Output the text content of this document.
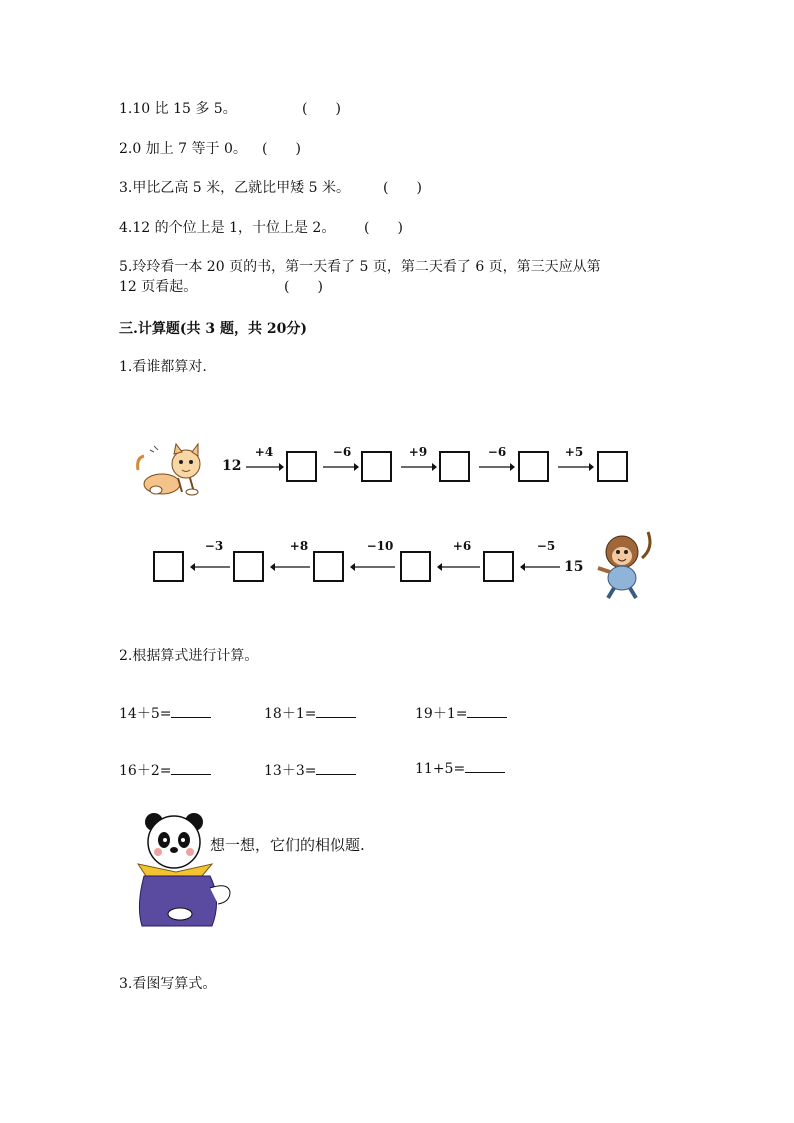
1.10 比 15 多 5。	(　　)
2.0 加上 7 等于 0。 (　　)
3.甲比乙高 5 米，乙就比甲矮 5 米。 (　　)
4.12 的个位上是 1，十位上是 2。 (　　)
5.玲玲看一本 20 页的书，第一天看了 5 页，第二天看了 6 页，第三天应从第
12 页看起。	(　　)
三.计算题(共 3 题，共 20分)
1.看谁都算对.
12
+4	−6	+9	−6	+5
−3	+8	−10	+6	−5
15
2.根据算式进行计算。
14＋5=	18＋1=	19＋1=
16＋2=	13＋3=	11+5=
想一想，它们的相似题.
3.看图写算式。
